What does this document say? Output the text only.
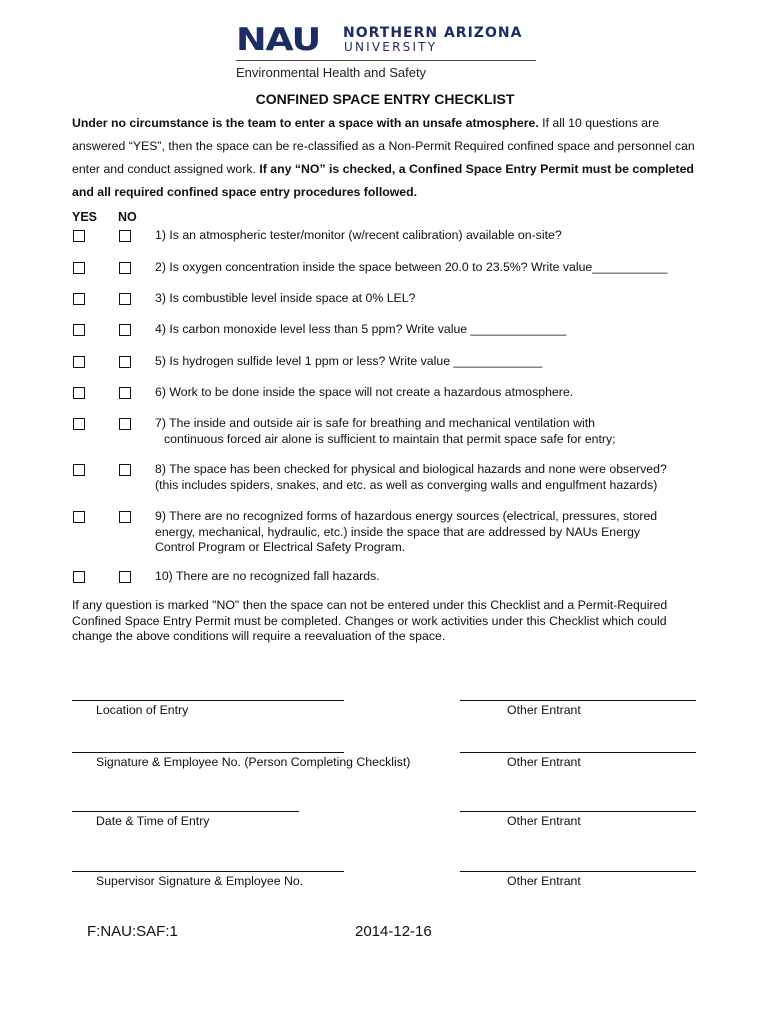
NAU NORTHERN ARIZONA
UNIVERSITY
Environmental Health and Safety
CONFINED SPACE ENTRY CHECKLIST
Under no circumstance is the team to enter a space with an unsafe atmosphere. If all 10 questions are answered “YES”, then the space can be re-classified as a Non-Permit Required confined space and personnel can enter and conduct assigned work. If any “NO” is checked, a Confined Space Entry Permit must be completed and all required confined space entry procedures followed.
YES NO
1) Is an atmospheric tester/monitor (w/recent calibration) available on-site?
2) Is oxygen concentration inside the space between 20.0 to 23.5%? Write value___________
3) Is combustible level inside space at 0% LEL?
4) Is carbon monoxide level less than 5 ppm? Write value ______________
5) Is hydrogen sulfide level 1 ppm or less? Write value _____________
6) Work to be done inside the space will not create a hazardous atmosphere.
7) The inside and outside air is safe for breathing and mechanical ventilation with
continuous forced air alone is sufficient to maintain that permit space safe for entry;
8) The space has been checked for physical and biological hazards and none were observed?
(this includes spiders, snakes, and etc. as well as converging walls and engulfment hazards)
9) There are no recognized forms of hazardous energy sources (electrical, pressures, stored
energy, mechanical, hydraulic, etc.) inside the space that are addressed by NAUs Energy
Control Program or Electrical Safety Program.
10) There are no recognized fall hazards.
If any question is marked "NO" then the space can not be entered under this Checklist and a Permit-Required Confined Space Entry Permit must be completed. Changes or work activities under this Checklist which could change the above conditions will require a reevaluation of the space.
Location of Entry	Other Entrant
Signature & Employee No. (Person Completing Checklist)	Other Entrant
Date & Time of Entry	Other Entrant
Supervisor Signature & Employee No.	Other Entrant
F:NAU:SAF:1	2014-12-16
